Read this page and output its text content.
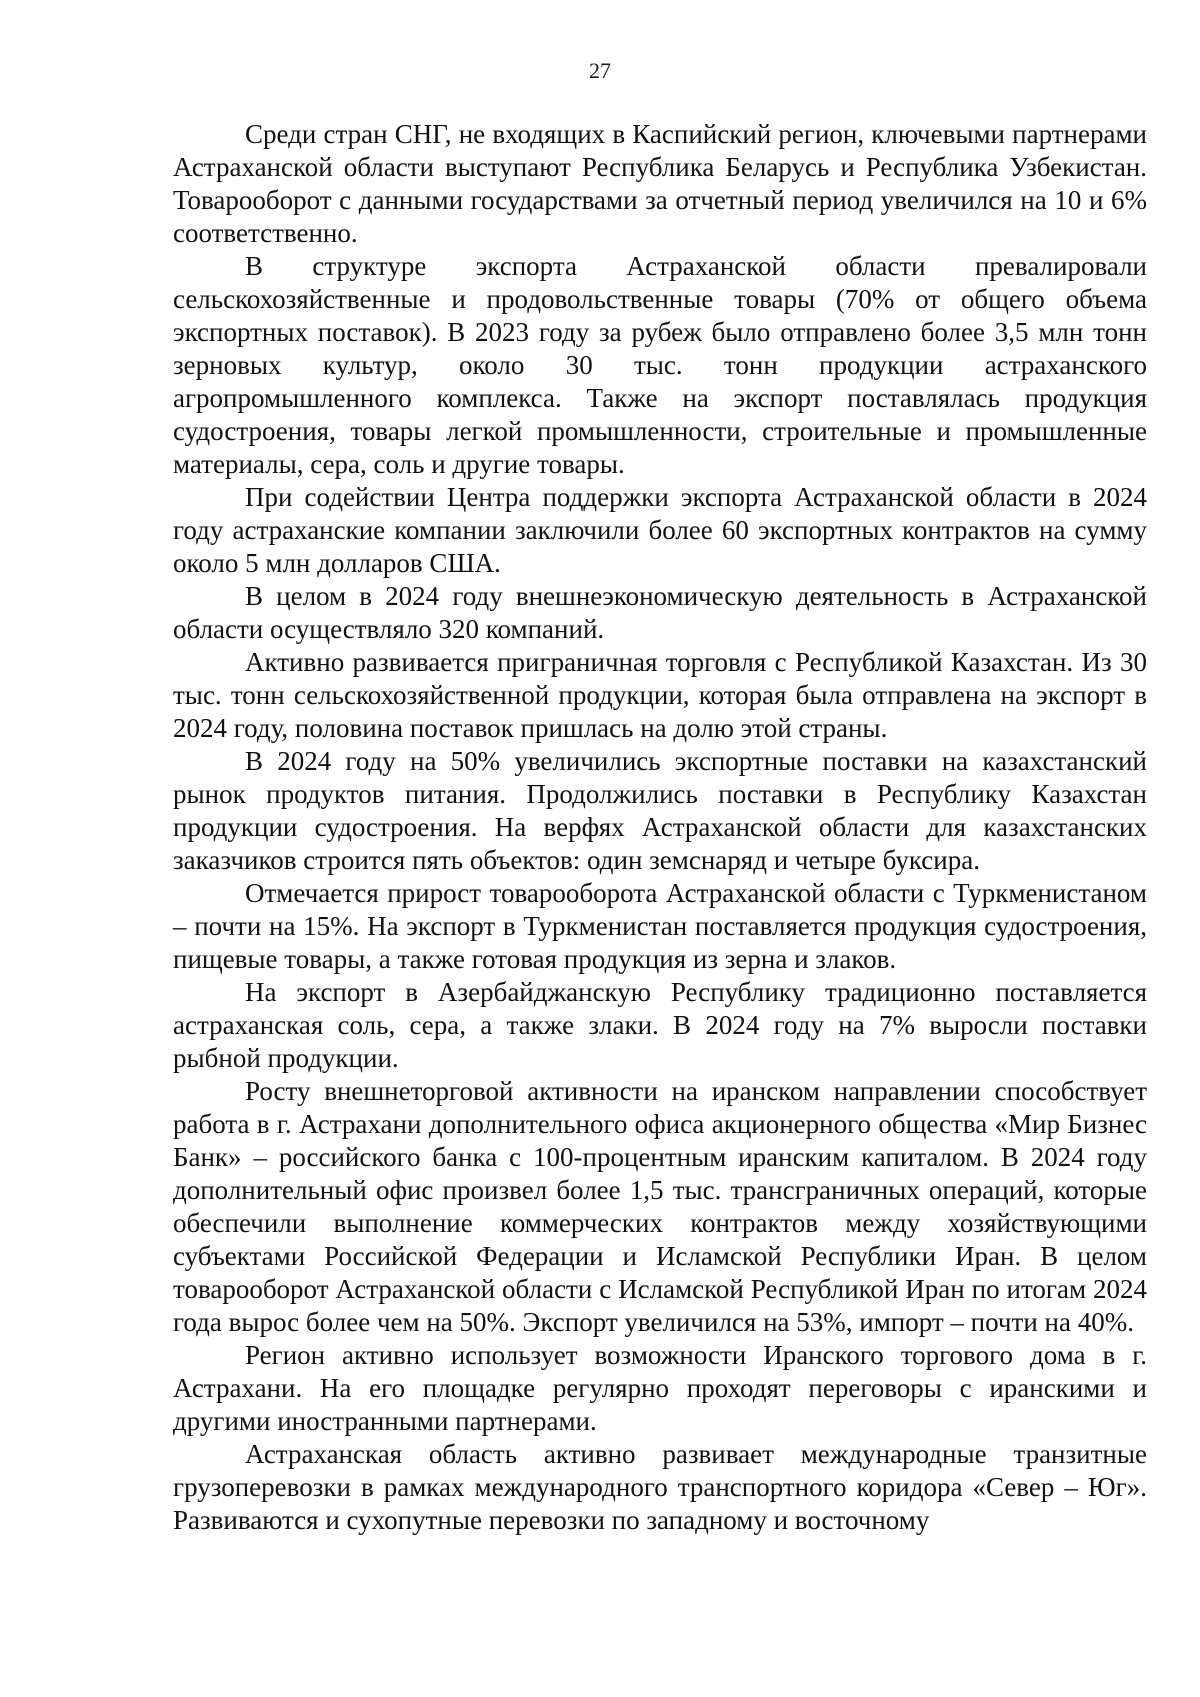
27

Среди стран СНГ, не входящих в Каспийский регион, ключевыми партнерами Астраханской области выступают Республика Беларусь и Республика Узбекистан. Товарооборот с данными государствами за отчетный период увеличился на 10 и 6% соответственно.

В структуре экспорта Астраханской области превалировали сельскохозяйственные и продовольственные товары (70% от общего объема экспортных поставок). В 2023 году за рубеж было отправлено более 3,5 млн тонн зерновых культур, около 30 тыс. тонн продукции астраханского агропромышленного комплекса. Также на экспорт поставлялась продукция судостроения, товары легкой промышленности, строительные и промышленные материалы, сера, соль и другие товары.

При содействии Центра поддержки экспорта Астраханской области в 2024 году астраханские компании заключили более 60 экспортных контрактов на сумму около 5 млн долларов США.

В целом в 2024 году внешнеэкономическую деятельность в Астраханской области осуществляло 320 компаний.

Активно развивается приграничная торговля с Республикой Казахстан. Из 30 тыс. тонн сельскохозяйственной продукции, которая была отправлена на экспорт в 2024 году, половина поставок пришлась на долю этой страны.

В 2024 году на 50% увеличились экспортные поставки на казахстанский рынок продуктов питания. Продолжились поставки в Республику Казахстан продукции судостроения. На верфях Астраханской области для казахстанских заказчиков строится пять объектов: один земснаряд и четыре буксира.

Отмечается прирост товарооборота Астраханской области с Туркменистаном – почти на 15%. На экспорт в Туркменистан поставляется продукция судостроения, пищевые товары, а также готовая продукция из зерна и злаков.

На экспорт в Азербайджанскую Республику традиционно поставляется астраханская соль, сера, а также злаки. В 2024 году на 7% выросли поставки рыбной продукции.

Росту внешнеторговой активности на иранском направлении способствует работа в г. Астрахани дополнительного офиса акционерного общества «Мир Бизнес Банк» – российского банка с 100-процентным иранским капиталом. В 2024 году дополнительный офис произвел более 1,5 тыс. трансграничных операций, которые обеспечили выполнение коммерческих контрактов между хозяйствующими субъектами Российской Федерации и Исламской Республики Иран. В целом товарооборот Астраханской области с Исламской Республикой Иран по итогам 2024 года вырос более чем на 50%. Экспорт увеличился на 53%, импорт – почти на 40%.

Регион активно использует возможности Иранского торгового дома в г. Астрахани. На его площадке регулярно проходят переговоры с иранскими и другими иностранными партнерами.

Астраханская область активно развивает международные транзитные грузоперевозки в рамках международного транспортного коридора «Север – Юг». Развиваются и сухопутные перевозки по западному и восточному
